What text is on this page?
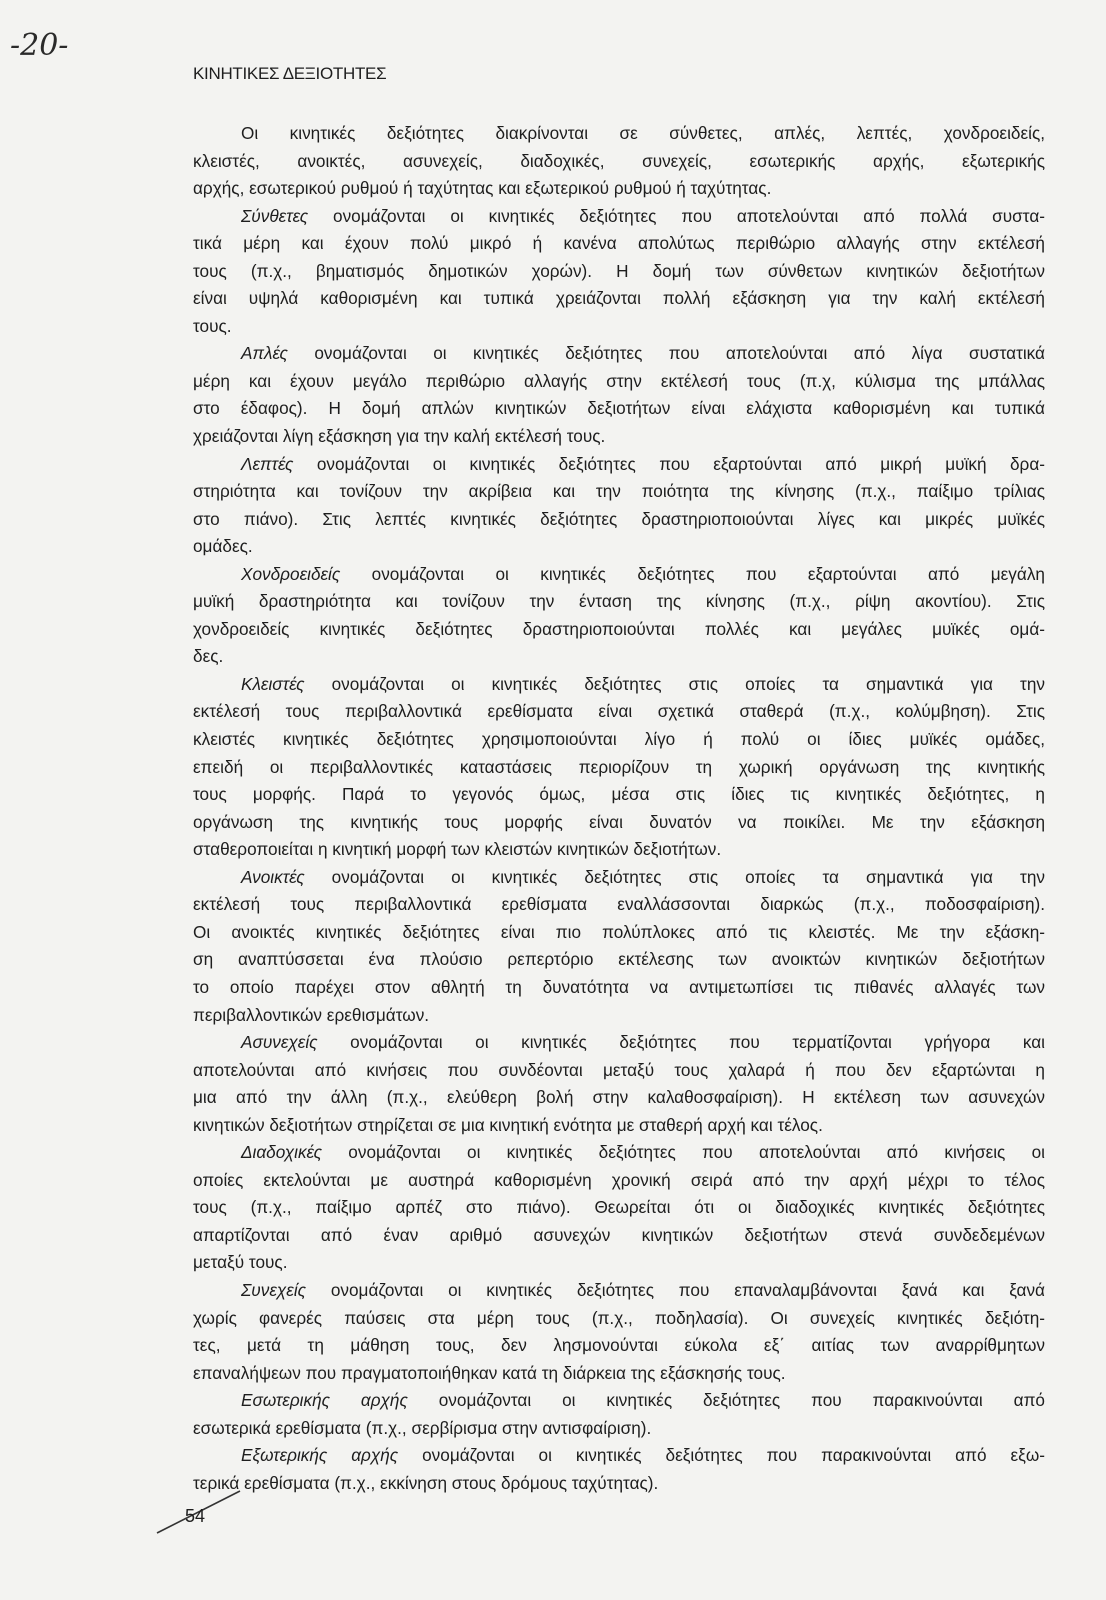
-20-
ΚΙΝΗΤΙΚΕΣ ΔΕΞΙΟΤΗΤΕΣ
Οι κινητικές δεξιότητες διακρίνονται σε σύνθετες, απλές, λεπτές, χονδροειδείς,
κλειστές, ανοικτές, ασυνεχείς, διαδοχικές, συνεχείς, εσωτερικής αρχής, εξωτερικής
αρχής, εσωτερικού ρυθμού ή ταχύτητας και εξωτερικού ρυθμού ή ταχύτητας.
Σύνθετες ονομάζονται οι κινητικές δεξιότητες που αποτελούνται από πολλά συστα-
τικά μέρη και έχουν πολύ μικρό ή κανένα απολύτως περιθώριο αλλαγής στην εκτέλεσή
τους (π.χ., βηματισμός δημοτικών χορών). Η δομή των σύνθετων κινητικών δεξιοτήτων
είναι υψηλά καθορισμένη και τυπικά χρειάζονται πολλή εξάσκηση για την καλή εκτέλεσή
τους.
Απλές ονομάζονται οι κινητικές δεξιότητες που αποτελούνται από λίγα συστατικά
μέρη και έχουν μεγάλο περιθώριο αλλαγής στην εκτέλεσή τους (π.χ, κύλισμα της μπάλλας
στο έδαφος). Η δομή απλών κινητικών δεξιοτήτων είναι ελάχιστα καθορισμένη και τυπικά
χρειάζονται λίγη εξάσκηση για την καλή εκτέλεσή τους.
Λεπτές ονομάζονται οι κινητικές δεξιότητες που εξαρτούνται από μικρή μυϊκή δρα-
στηριότητα και τονίζουν την ακρίβεια και την ποιότητα της κίνησης (π.χ., παίξιμο τρίλιας
στο πιάνο). Στις λεπτές κινητικές δεξιότητες δραστηριοποιούνται λίγες και μικρές μυϊκές
ομάδες.
Χονδροειδείς ονομάζονται οι κινητικές δεξιότητες που εξαρτούνται από μεγάλη
μυϊκή δραστηριότητα και τονίζουν την ένταση της κίνησης (π.χ., ρίψη ακοντίου). Στις
χονδροειδείς κινητικές δεξιότητες δραστηριοποιούνται πολλές και μεγάλες μυϊκές ομά-
δες.
Κλειστές ονομάζονται οι κινητικές δεξιότητες στις οποίες τα σημαντικά για την
εκτέλεσή τους περιβαλλοντικά ερεθίσματα είναι σχετικά σταθερά (π.χ., κολύμβηση). Στις
κλειστές κινητικές δεξιότητες χρησιμοποιούνται λίγο ή πολύ οι ίδιες μυϊκές ομάδες,
επειδή οι περιβαλλοντικές καταστάσεις περιορίζουν τη χωρική οργάνωση της κινητικής
τους μορφής. Παρά το γεγονός όμως, μέσα στις ίδιες τις κινητικές δεξιότητες, η
οργάνωση της κινητικής τους μορφής είναι δυνατόν να ποικίλει. Με την εξάσκηση
σταθεροποιείται η κινητική μορφή των κλειστών κινητικών δεξιοτήτων.
Ανοικτές ονομάζονται οι κινητικές δεξιότητες στις οποίες τα σημαντικά για την
εκτέλεσή τους περιβαλλοντικά ερεθίσματα εναλλάσσονται διαρκώς (π.χ., ποδοσφαίριση).
Οι ανοικτές κινητικές δεξιότητες είναι πιο πολύπλοκες από τις κλειστές. Με την εξάσκη-
ση αναπτύσσεται ένα πλούσιο ρεπερτόριο εκτέλεσης των ανοικτών κινητικών δεξιοτήτων
το οποίο παρέχει στον αθλητή τη δυνατότητα να αντιμετωπίσει τις πιθανές αλλαγές των
περιβαλλοντικών ερεθισμάτων.
Ασυνεχείς ονομάζονται οι κινητικές δεξιότητες που τερματίζονται γρήγορα και
αποτελούνται από κινήσεις που συνδέονται μεταξύ τους χαλαρά ή που δεν εξαρτώνται η
μια από την άλλη (π.χ., ελεύθερη βολή στην καλαθοσφαίριση). Η εκτέλεση των ασυνεχών
κινητικών δεξιοτήτων στηρίζεται σε μια κινητική ενότητα με σταθερή αρχή και τέλος.
Διαδοχικές ονομάζονται οι κινητικές δεξιότητες που αποτελούνται από κινήσεις οι
οποίες εκτελούνται με αυστηρά καθορισμένη χρονική σειρά από την αρχή μέχρι το τέλος
τους (π.χ., παίξιμο αρπέζ στο πιάνο). Θεωρείται ότι οι διαδοχικές κινητικές δεξιότητες
απαρτίζονται από έναν αριθμό ασυνεχών κινητικών δεξιοτήτων στενά συνδεδεμένων
μεταξύ τους.
Συνεχείς ονομάζονται οι κινητικές δεξιότητες που επαναλαμβάνονται ξανά και ξανά
χωρίς φανερές παύσεις στα μέρη τους (π.χ., ποδηλασία). Οι συνεχείς κινητικές δεξιότη-
τες, μετά τη μάθηση τους, δεν λησμονούνται εύκολα εξ΄ αιτίας των αναρρίθμητων
επαναλήψεων που πραγματοποιήθηκαν κατά τη διάρκεια της εξάσκησής τους.
Εσωτερικής αρχής ονομάζονται οι κινητικές δεξιότητες που παρακινούνται από
εσωτερικά ερεθίσματα (π.χ., σερβίρισμα στην αντισφαίριση).
Εξωτερικής αρχής ονομάζονται οι κινητικές δεξιότητες που παρακινούνται από εξω-
τερικά ερεθίσματα (π.χ., εκκίνηση στους δρόμους ταχύτητας).
54
